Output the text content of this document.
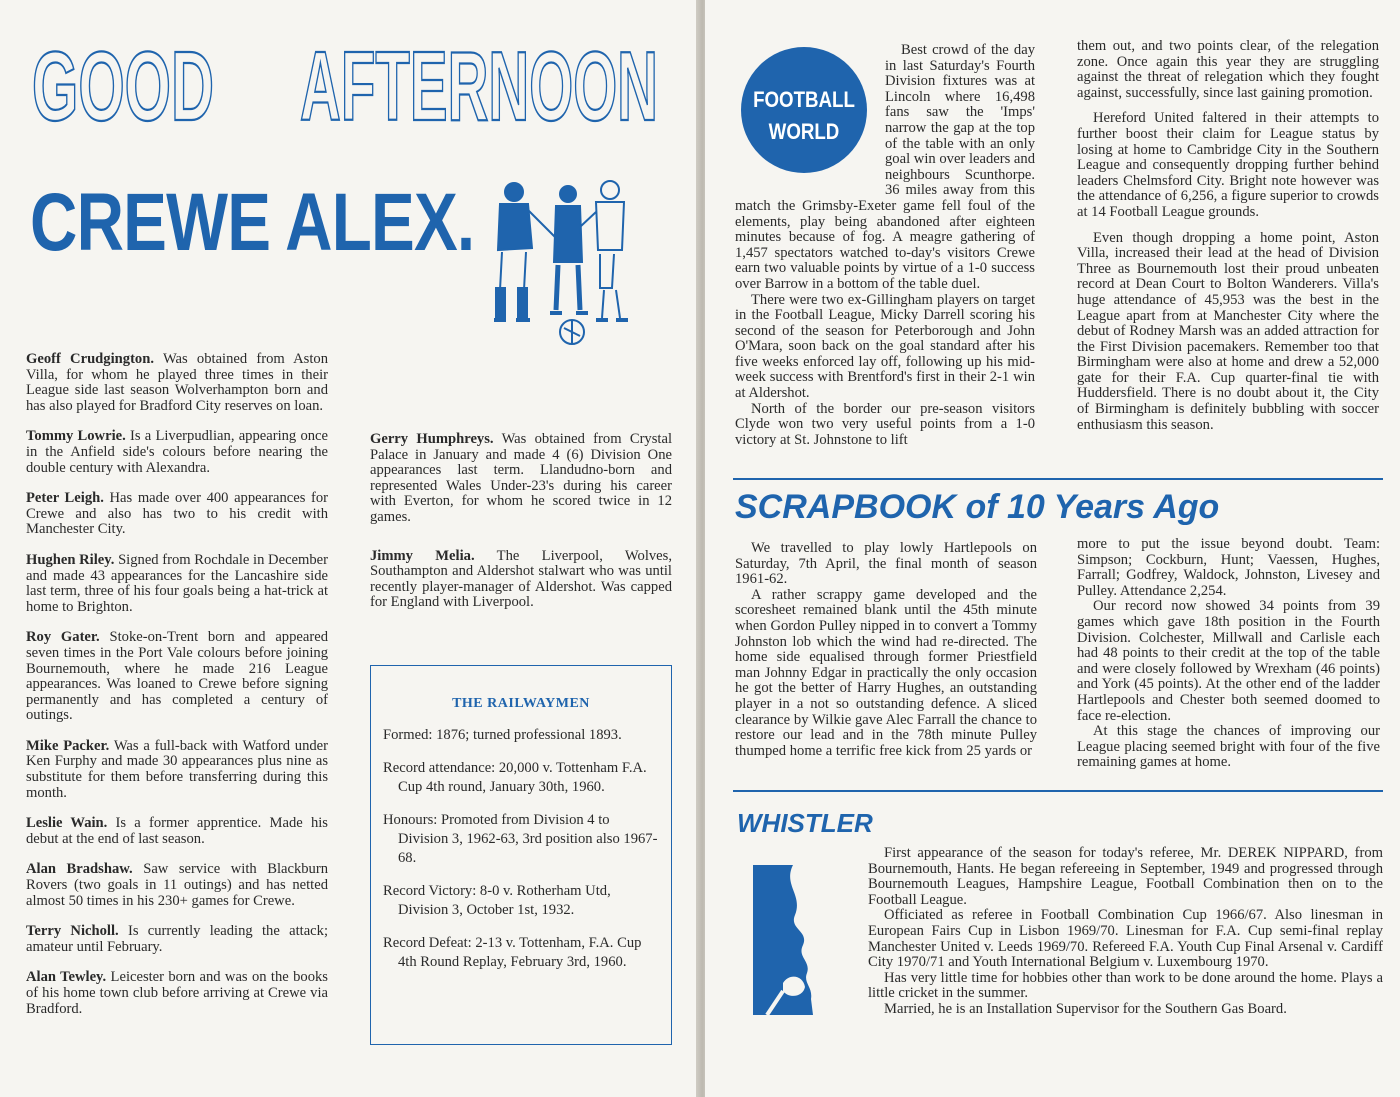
GOOD AFTERNOON
CREWE ALEX.

Geoff Crudgington. Was obtained from Aston Villa, for whom he played three times in their League side last season Wolverhampton born and has also played for Bradford City reserves on loan.

Tommy Lowrie. Is a Liverpudlian, appearing once in the Anfield side's colours before nearing the double century with Alexandra.

Peter Leigh. Has made over 400 appearances for Crewe and also has two to his credit with Manchester City.

Hughen Riley. Signed from Rochdale in December and made 43 appearances for the Lancashire side last term, three of his four goals being a hat-trick at home to Brighton.

Roy Gater. Stoke-on-Trent born and appeared seven times in the Port Vale colours before joining Bournemouth, where he made 216 League appearances. Was loaned to Crewe before signing permanently and has completed a century of outings.

Mike Packer. Was a full-back with Watford under Ken Furphy and made 30 appearances plus nine as substitute for them before transferring during this month.

Leslie Wain. Is a former apprentice. Made his debut at the end of last season.

Alan Bradshaw. Saw service with Blackburn Rovers (two goals in 11 outings) and has netted almost 50 times in his 230+ games for Crewe.

Terry Nicholl. Is currently leading the attack; amateur until February.

Alan Tewley. Leicester born and was on the books of his home town club before arriving at Crewe via Bradford.

Gerry Humphreys. Was obtained from Crystal Palace in January and made 4 (6) Division One appearances last term. Llandudno-born and represented Wales Under-23's during his career with Everton, for whom he scored twice in 12 games.

Jimmy Melia. The Liverpool, Wolves, Southampton and Aldershot stalwart who was until recently player-manager of Aldershot. Was capped for England with Liverpool.

THE RAILWAYMEN
Formed: 1876; turned professional 1893.
Record attendance: 20,000 v. Tottenham F.A. Cup 4th round, January 30th, 1960.
Honours: Promoted from Division 4 to Division 3, 1962-63, 3rd position also 1967-68.
Record Victory: 8-0 v. Rotherham Utd, Division 3, October 1st, 1932.
Record Defeat: 2-13 v. Tottenham, F.A. Cup 4th Round Replay, February 3rd, 1960.

Best crowd of the day in last Saturday's Fourth Division fixtures was at Lincoln where 16,498 fans saw the 'Imps' narrow the gap at the top of the table with an only goal win over leaders and neighbours Scunthorpe. 36 miles away from this match the Grimsby-Exeter game fell foul of the elements, play being abandoned after eighteen minutes because of fog. A meagre gathering of 1,457 spectators watched to-day's visitors Crewe earn two valuable points by virtue of a 1-0 success over Barrow in a bottom of the table duel.

There were two ex-Gillingham players on target in the Football League, Micky Darrell scoring his second of the season for Peterborough and John O'Mara, soon back on the goal standard after his five weeks enforced lay off, following up his mid-week success with Brentford's first in their 2-1 win at Aldershot.

North of the border our pre-season visitors Clyde won two very useful points from a 1-0 victory at St. Johnstone to lift

FOOTBALL
WORLD

them out, and two points clear, of the relegation zone. Once again this year they are struggling against the threat of relegation which they fought against, successfully, since last gaining promotion.

Hereford United faltered in their attempts to further boost their claim for League status by losing at home to Cambridge City in the Southern League and consequently dropping further behind leaders Chelmsford City. Bright note however was the attendance of 6,256, a figure superior to crowds at 14 Football League grounds.

Even though dropping a home point, Aston Villa, increased their lead at the head of Division Three as Bournemouth lost their proud unbeaten record at Dean Court to Bolton Wanderers. Villa's huge attendance of 45,953 was the best in the League apart from at Manchester City where the debut of Rodney Marsh was an added attraction for the First Division pacemakers. Remember too that Birmingham were also at home and drew a 52,000 gate for their F.A. Cup quarter-final tie with Huddersfield. There is no doubt about it, the City of Birmingham is definitely bubbling with soccer enthusiasm this season.

SCRAPBOOK of 10 Years Ago

We travelled to play lowly Hartlepools on Saturday, 7th April, the final month of season 1961-62.

A rather scrappy game developed and the scoresheet remained blank until the 45th minute when Gordon Pulley nipped in to convert a Tommy Johnston lob which the wind had re-directed. The home side equalised through former Priestfield man Johnny Edgar in practically the only occasion he got the better of Harry Hughes, an outstanding player in a not so outstanding defence. A sliced clearance by Wilkie gave Alec Farrall the chance to restore our lead and in the 78th minute Pulley thumped home a terrific free kick from 25 yards or

more to put the issue beyond doubt. Team: Simpson; Cockburn, Hunt; Vaessen, Hughes, Farrall; Godfrey, Waldock, Johnston, Livesey and Pulley. Attendance 2,254.

Our record now showed 34 points from 39 games which gave 18th position in the Fourth Division. Colchester, Millwall and Carlisle each had 48 points to their credit at the top of the table and were closely followed by Wrexham (46 points) and York (45 points). At the other end of the ladder Hartlepools and Chester both seemed doomed to face re-election.

At this stage the chances of improving our League placing seemed bright with four of the five remaining games at home.

WHISTLER

First appearance of the season for today's referee, Mr. DEREK NIPPARD, from Bournemouth, Hants. He began refereeing in September, 1949 and progressed through Bournemouth Leagues, Hampshire League, Football Combination then on to the Football League.

Officiated as referee in Football Combination Cup 1966/67. Also linesman in European Fairs Cup in Lisbon 1969/70. Linesman for F.A. Cup semi-final replay Manchester United v. Leeds 1969/70. Refereed F.A. Youth Cup Final Arsenal v. Cardiff City 1970/71 and Youth International Belgium v. Luxembourg 1970.

Has very little time for hobbies other than work to be done around the home. Plays a little cricket in the summer.

Married, he is an Installation Supervisor for the Southern Gas Board.
